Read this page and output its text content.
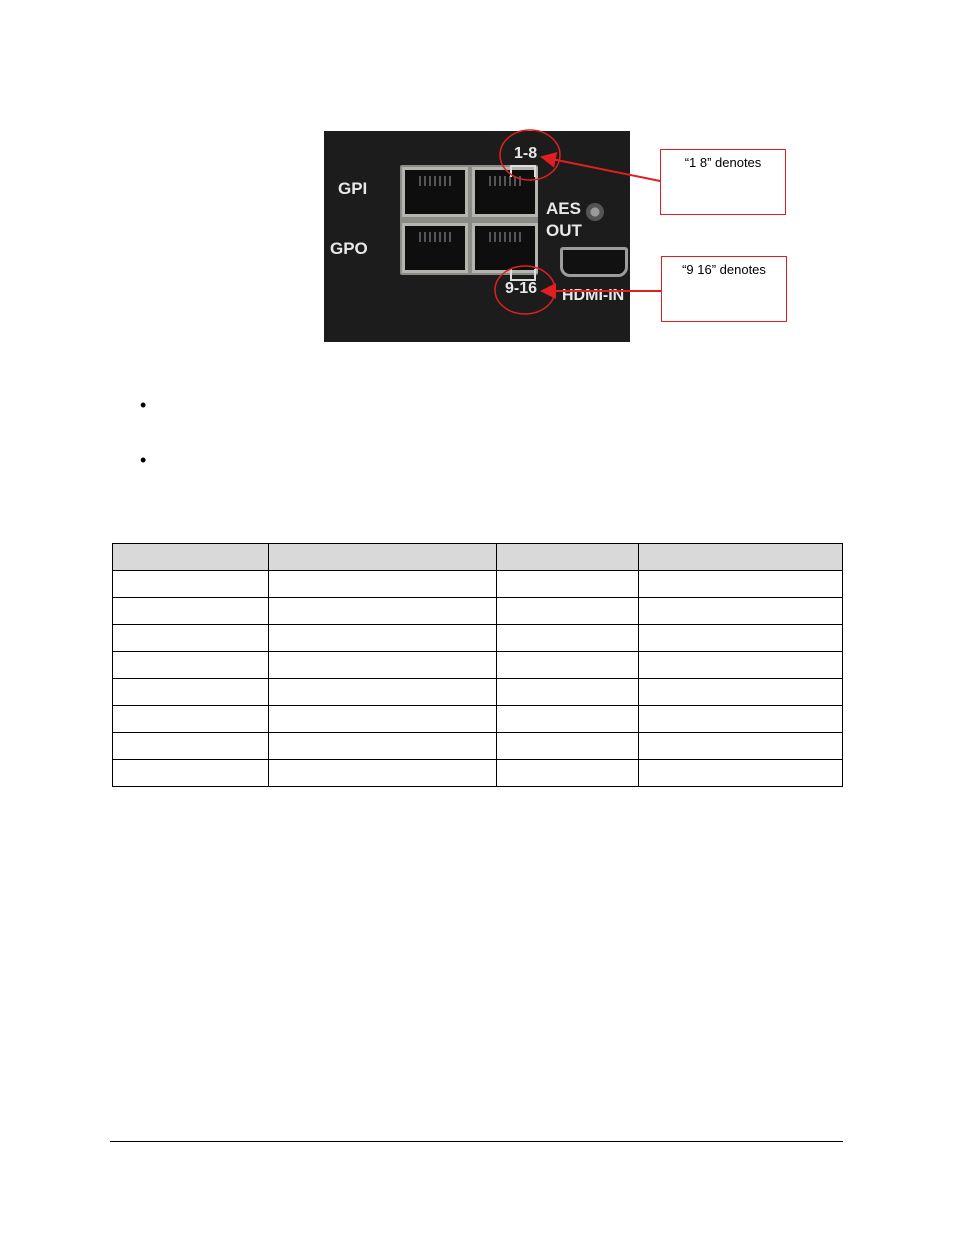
GPI
GPO
1-8
9-16
AES
OUT
HDMI-IN
“1 8” denotes
“9 16” denotes
•
•
